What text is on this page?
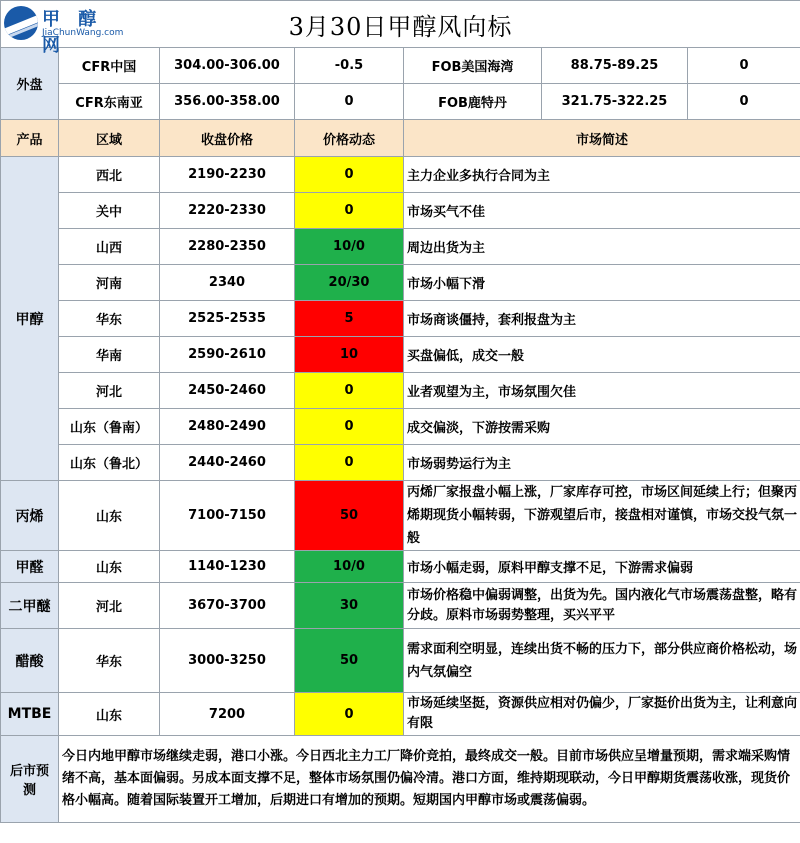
甲 醇 网
JiaChunWang.com	3月30日甲醇风向标						
外盘	CFR中国	304.00-306.00	-0.5	FOB美国海湾	88.75-89.25	0
	CFR东南亚	356.00-358.00	0	FOB鹿特丹	321.75-322.25	0
产品	区域	收盘价格	价格动态	市场简述		
甲醇	西北	2190-2230	0	主力企业多执行合同为主		
	关中	2220-2330	0	市场买气不佳		
	山西	2280-2350	10/0	周边出货为主		
	河南	2340	20/30	市场小幅下滑		
	华东	2525-2535	5	市场商谈僵持，套利报盘为主		
	华南	2590-2610	10	买盘偏低，成交一般		
	河北	2450-2460	0	业者观望为主，市场氛围欠佳		
	山东（鲁南）	2480-2490	0	成交偏淡，下游按需采购		
	山东（鲁北）	2440-2460	0	市场弱势运行为主		
丙烯	山东	7100-7150	50	丙烯厂家报盘小幅上涨，厂家库存可控，市场区间延续上行；但聚丙烯期现货小幅转弱，下游观望后市，接盘相对谨慎，市场交投气氛一般		
甲醛	山东	1140-1230	10/0	市场小幅走弱，原料甲醇支撑不足，下游需求偏弱		
二甲醚	河北	3670-3700	30	市场价格稳中偏弱调整，出货为先。国内液化气市场震荡盘整，略有分歧。原料市场弱势整理，买兴平平		
醋酸	华东	3000-3250	50	需求面利空明显，连续出货不畅的压力下，部分供应商价格松动，场内气氛偏空		
MTBE	山东	7200	0	市场延续坚挺，资源供应相对仍偏少，厂家挺价出货为主，让利意向有限		
后市预测	今日内地甲醇市场继续走弱，港口小涨。今日西北主力工厂降价竞拍，最终成交一般。目前市场供应呈增量预期，需求端采购情绪不高，基本面偏弱。另成本面支撑不足，整体市场氛围仍偏冷清。港口方面，维持期现联动，今日甲醇期货震荡收涨，现货价格小幅高。随着国际装置开工增加，后期进口有增加的预期。短期国内甲醇市场或震荡偏弱。					
